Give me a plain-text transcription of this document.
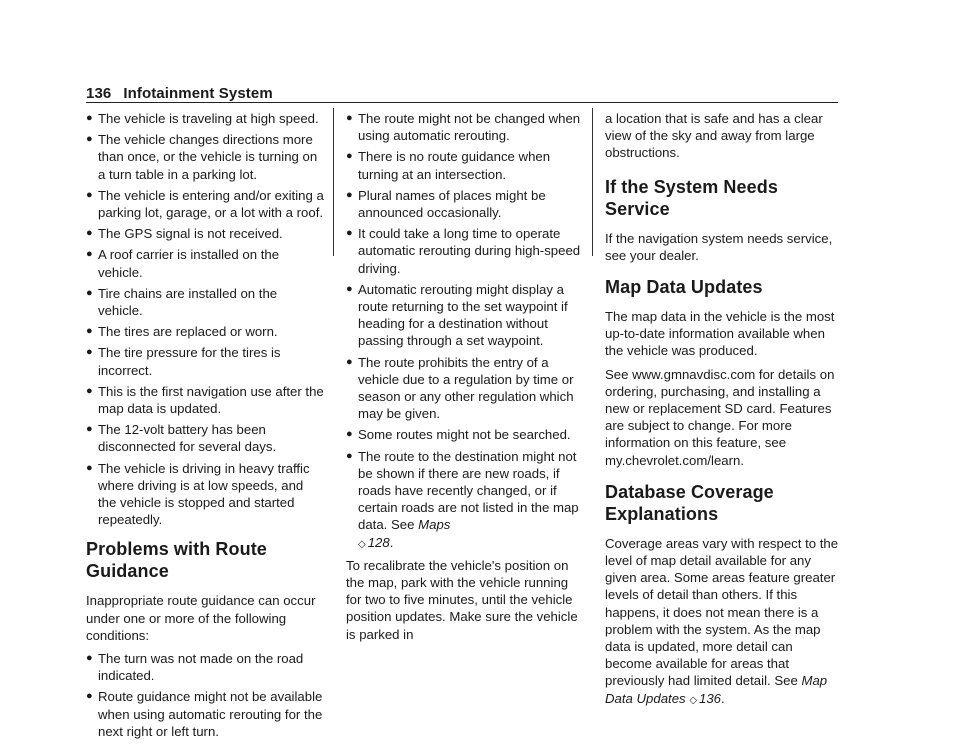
136 Infotainment System
● The vehicle is traveling at high speed.
● The vehicle changes directions more than once, or the vehicle is turning on a turn table in a parking lot.
● The vehicle is entering and/or exiting a parking lot, garage, or a lot with a roof.
● The GPS signal is not received.
● A roof carrier is installed on the vehicle.
● Tire chains are installed on the vehicle.
● The tires are replaced or worn.
● The tire pressure for the tires is incorrect.
● This is the first navigation use after the map data is updated.
● The 12-volt battery has been disconnected for several days.
● The vehicle is driving in heavy traffic where driving is at low speeds, and the vehicle is stopped and started repeatedly.
Problems with Route Guidance

Inappropriate route guidance can occur under one or more of the following conditions:

● The turn was not made on the road indicated.
● Route guidance might not be available when using automatic rerouting for the next right or left turn.
● The route might not be changed when using automatic rerouting.
● There is no route guidance when turning at an intersection.
● Plural names of places might be announced occasionally.
● It could take a long time to operate automatic rerouting during high-speed driving.
● Automatic rerouting might display a route returning to the set waypoint if heading for a destination without passing through a set waypoint.
● The route prohibits the entry of a vehicle due to a regulation by time or season or any other regulation which may be given.
● Some routes might not be searched.
● The route to the destination might not be shown if there are new roads, if roads have recently changed, or if certain roads are not listed in the map data. See Maps
◇ 128.

To recalibrate the vehicle's position on the map, park with the vehicle running for two to five minutes, until the vehicle position updates. Make sure the vehicle is parked in

a location that is safe and has a clear view of the sky and away from large obstructions.

If the System Needs Service

If the navigation system needs service, see your dealer.

Map Data Updates

The map data in the vehicle is the most up-to-date information available when the vehicle was produced.

See www.gmnavdisc.com for details on ordering, purchasing, and installing a new or replacement SD card. Features are subject to change. For more information on this feature, see my.chevrolet.com/learn.

Database Coverage Explanations

Coverage areas vary with respect to the level of map detail available for any given area. Some areas feature greater levels of detail than others. If this happens, it does not mean there is a problem with the system. As the map data is updated, more detail can become available for areas that previously had limited detail. See Map Data Updates ◇ 136.
